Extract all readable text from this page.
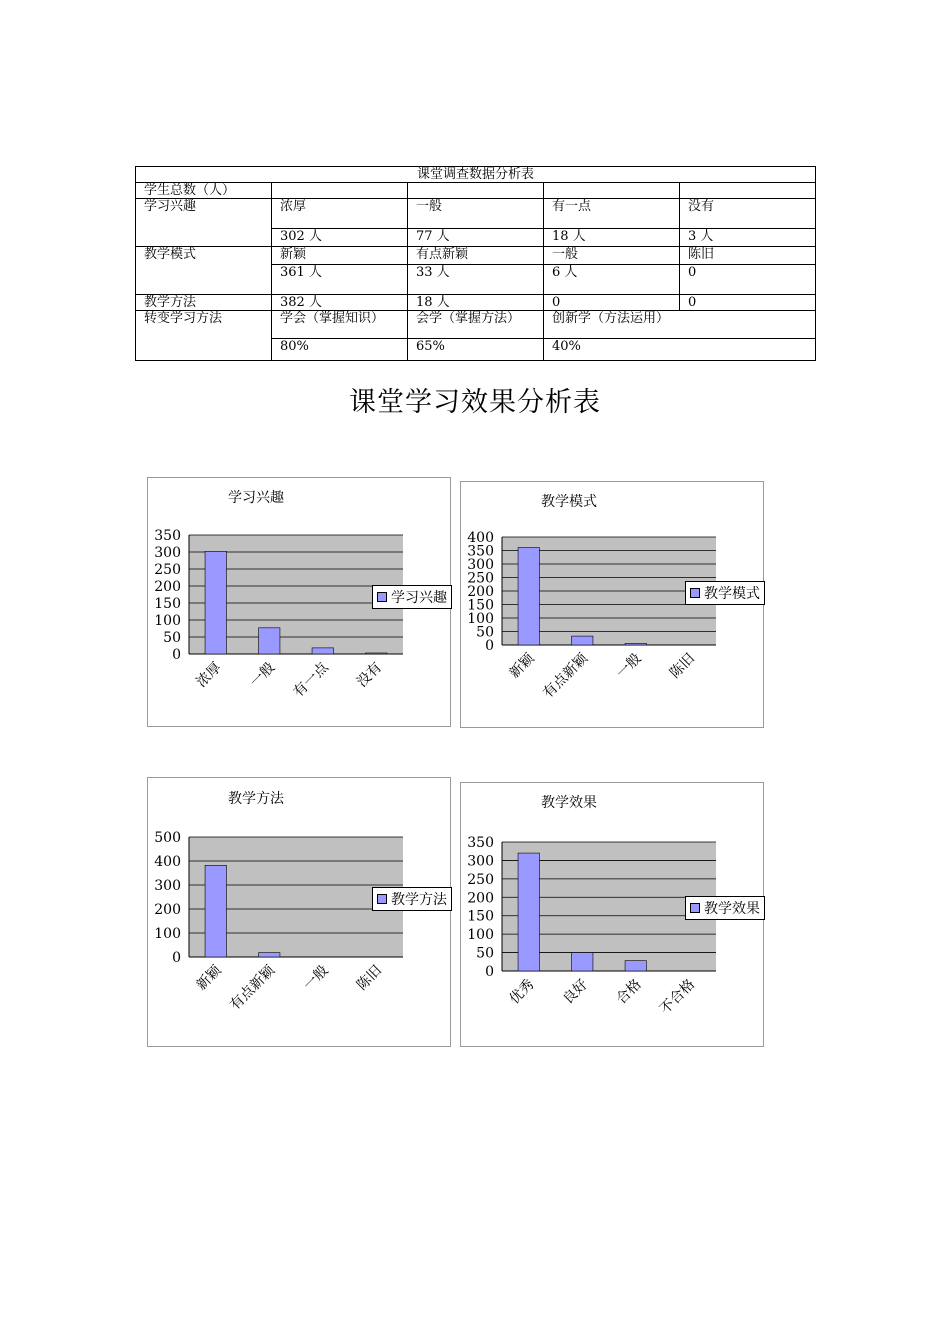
课堂调查数据分析表				
学生总数（人）				
学习兴趣	浓厚	一般	有一点	没有
	302 人	77 人	18 人	3 人
教学模式	新颖	有点新颖	一般	陈旧
	361 人	33 人	6 人	0
教学方法	382 人	18 人	0	0
转变学习方法	学会（掌握知识）	会学（掌握方法）	创新学（方法运用）	
	80%	65%	40%	
课堂学习效果分析表
学习兴趣
0
50
100
150
200
250
300
350
浓厚 一般 有一点 没有
学习兴趣
教学模式
0
50
100
150
200
250
300
350
400
新颖 有点新颖 一般 陈旧
教学模式
教学方法
0
100
200
300
400
500
新颖 有点新颖 一般 陈旧
教学方法
教学效果
0
50
100
150
200
250
300
350
优秀 良好 合格 不合格
教学效果
